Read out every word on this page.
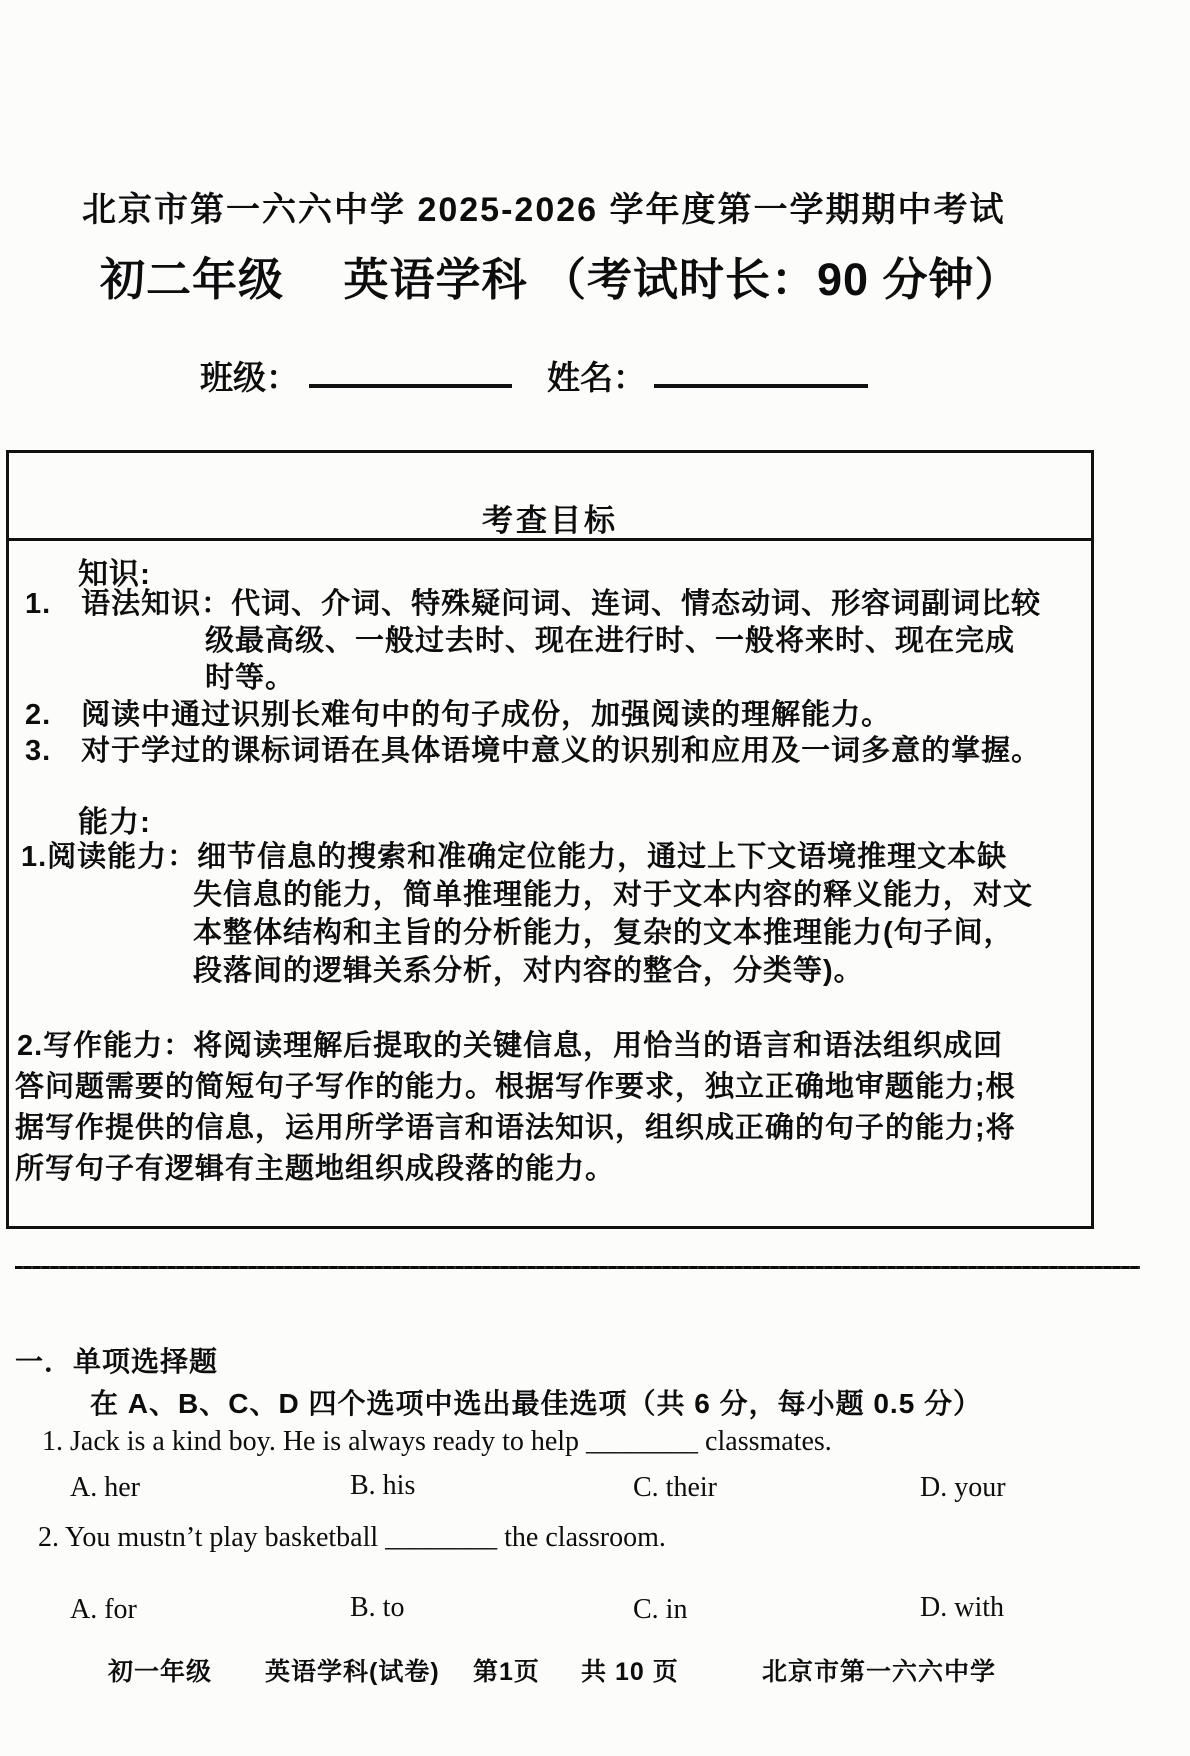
北京市第一六六中学 2025-2026 学年度第一学期期中考试
初二年级　 英语学科 （考试时长：90 分钟）
班级：	姓名：
考查目标
知识:
1.　语法知识：代词、介词、特殊疑问词、连词、情态动词、形容词副词比较
级最高级、一般过去时、现在进行时、一般将来时、现在完成
时等。
2.　阅读中通过识别长难句中的句子成份，加强阅读的理解能力。
3.　对于学过的课标词语在具体语境中意义的识别和应用及一词多意的掌握。
能力:
1.阅读能力：细节信息的搜索和准确定位能力，通过上下文语境推理文本缺
失信息的能力，简单推理能力，对于文本内容的释义能力，对文
本整体结构和主旨的分析能力，复杂的文本推理能力(句子间，
段落间的逻辑关系分析，对内容的整合，分类等)。
2.写作能力：将阅读理解后提取的关键信息，用恰当的语言和语法组织成回
答问题需要的简短句子写作的能力。根据写作要求，独立正确地审题能力;根
据写作提供的信息，运用所学语言和语法知识，组织成正确的句子的能力;将
所写句子有逻辑有主题地组织成段落的能力。
一．单项选择题
在 A、B、C、D 四个选项中选出最佳选项（共 6 分，每小题 0.5 分）
1. Jack is a kind boy. He is always ready to help ________ classmates.
A. her	B. his	C. their	D. your
2. You mustn’t play basketball ________ the classroom.
A. for	B. to	C. in	D. with
初一年级 英语学科(试卷) 第1页 共 10 页	北京市第一六六中学
